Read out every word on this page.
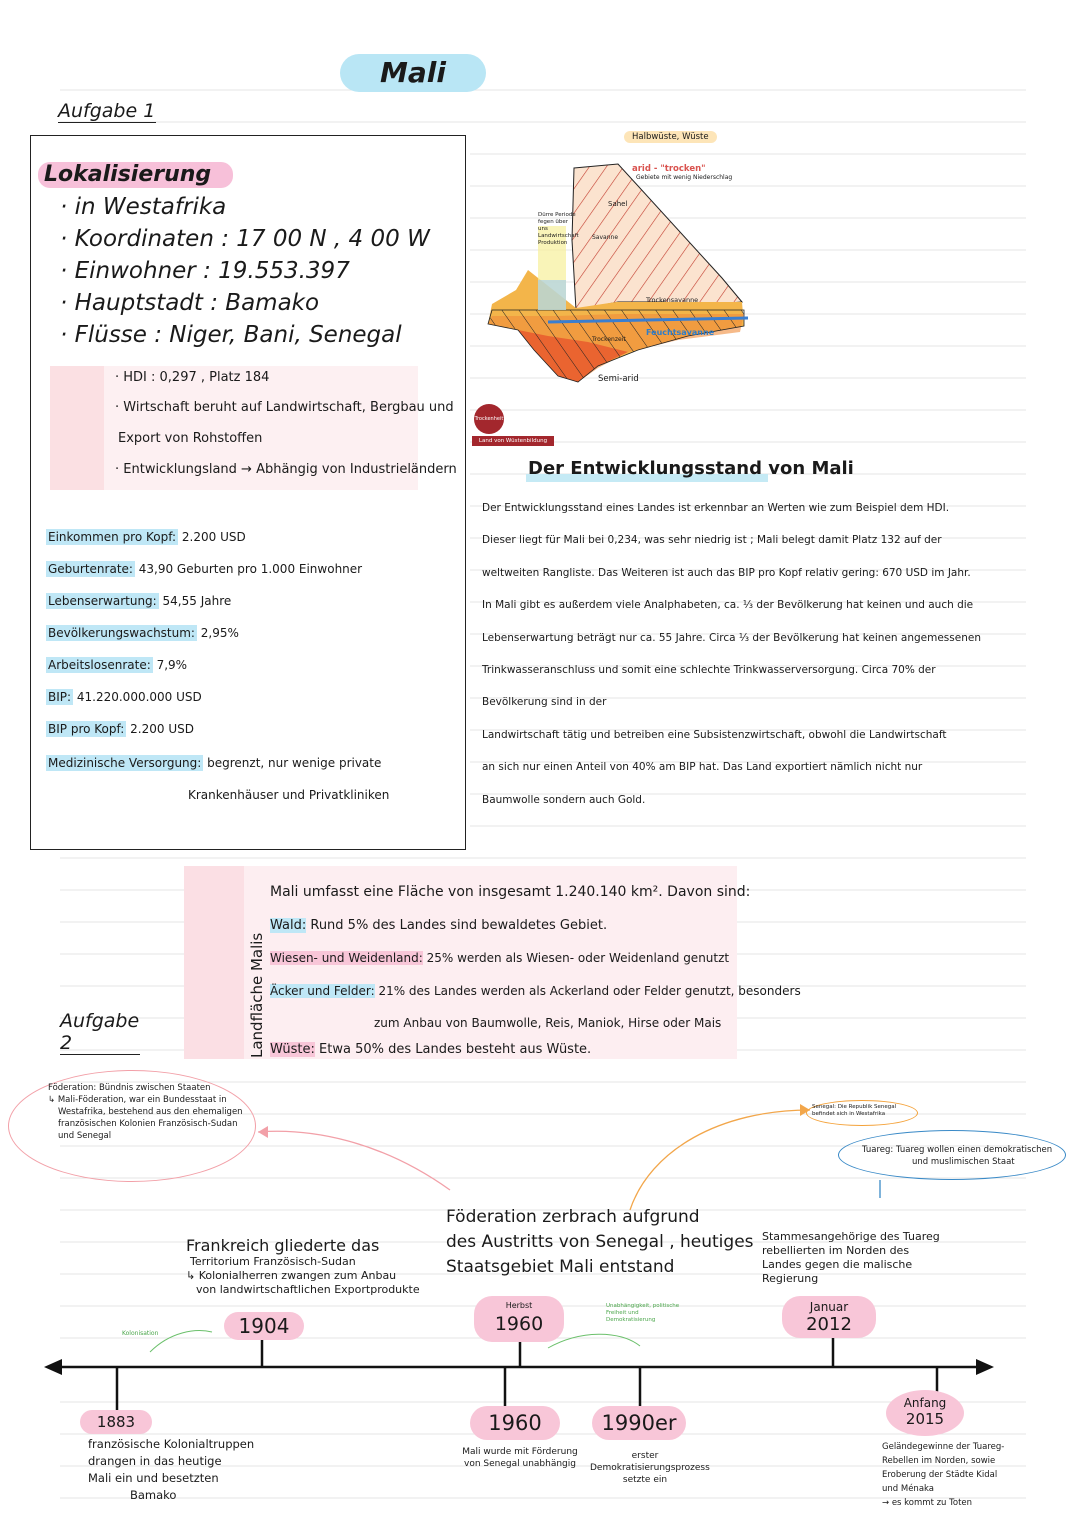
Mali
Aufgabe 1
Lokalisierung
· in Westafrika
· Koordinaten : 17 00 N , 4 00 W
· Einwohner : 19.553.397
· Hauptstadt : Bamako
· Flüsse : Niger, Bani, Senegal
· HDI : 0,297 , Platz 184
· Wirtschaft beruht auf Landwirtschaft, Bergbau und
Export von Rohstoffen
· Entwicklungsland → Abhängig von Industrieländern
Einkommen pro Kopf: 2.200 USD
Geburtenrate: 43,90 Geburten pro 1.000 Einwohner
Lebenserwartung: 54,55 Jahre
Bevölkerungswachstum: 2,95%
Arbeitslosenrate: 7,9%
BIP: 41.220.000.000 USD
BIP pro Kopf: 2.200 USD
Medizinische Versorgung: begrenzt, nur wenige private
Krankenhäuser und Privatkliniken
Halbwüste, Wüste
arid - "trocken"
Gebiete mit wenig Niederschlag
Sahel
Savanne
Dürre Periode fegen über uns Landwirtschaft Produktion
Trockensavanne
Feuchtsavanne
Trockenzeit
Semi-arid
Trockenheit
Land von Wüstenbildung
Der Entwicklungsstand von Mali
Der Entwicklungsstand eines Landes ist erkennbar an Werten wie zum Beispiel dem HDI.
Dieser liegt für Mali bei 0,234, was sehr niedrig ist ; Mali belegt damit Platz 132 auf der
weltweiten Rangliste. Das Weiteren ist auch das BIP pro Kopf relativ gering: 670 USD im Jahr.
In Mali gibt es außerdem viele Analphabeten, ca. ⅓ der Bevölkerung hat keinen und auch die
Lebenserwartung beträgt nur ca. 55 Jahre. Circa ⅓ der Bevölkerung hat keinen angemessenen
Trinkwasseranschluss und somit eine schlechte Trinkwasserversorgung. Circa 70% der Bevölkerung sind in der
Landwirtschaft tätig und betreiben eine Subsistenzwirtschaft, obwohl die Landwirtschaft
an sich nur einen Anteil von 40% am BIP hat. Das Land exportiert nämlich nicht nur
Baumwolle sondern auch Gold.
Aufgabe 2	Landfläche Malis
Mali umfasst eine Fläche von insgesamt 1.240.140 km². Davon sind:
Wald: Rund 5% des Landes sind bewaldetes Gebiet.
Wiesen- und Weidenland: 25% werden als Wiesen- oder Weidenland genutzt
Äcker und Felder: 21% des Landes werden als Ackerland oder Felder genutzt, besonders
zum Anbau von Baumwolle, Reis, Maniok, Hirse oder Mais
Wüste: Etwa 50% des Landes besteht aus Wüste.
Föderation: Bündnis zwischen Staaten
↳ Mali-Föderation, war ein Bundesstaat in
Westafrika, bestehend aus den ehemaligen
französischen Kolonien Französisch-Sudan
und Senegal
Senegal: Die Republik Senegal befindet sich in Westafrika
Tuareg: Tuareg wollen einen demokratischen
und muslimischen Staat
Frankreich gliederte das
Territorium Französisch-Sudan
↳ Kolonialherren zwangen zum Anbau
von landwirtschaftlichen Exportprodukte
1904
Kolonisation
Föderation zerbrach aufgrund
des Austritts von Senegal , heutiges
Staatsgebiet Mali entstand
Herbst
1960
Unabhängigkeit, politische Freiheit und Demokratisierung
Stammesangehörige des Tuareg
rebellierten im Norden des
Landes gegen die malische
Regierung
Januar
2012
1883
französische Kolonialtruppen
drangen in das heutige
Mali ein und besetzten
Bamako
1960
Mali wurde mit Förderung
von Senegal unabhängig
1990er
erster Demokratisierungsprozess
setzte ein
Anfang
2015
Geländegewinne der Tuareg-
Rebellen im Norden, sowie
Eroberung der Städte Kidal
und Ménaka
→ es kommt zu Toten
